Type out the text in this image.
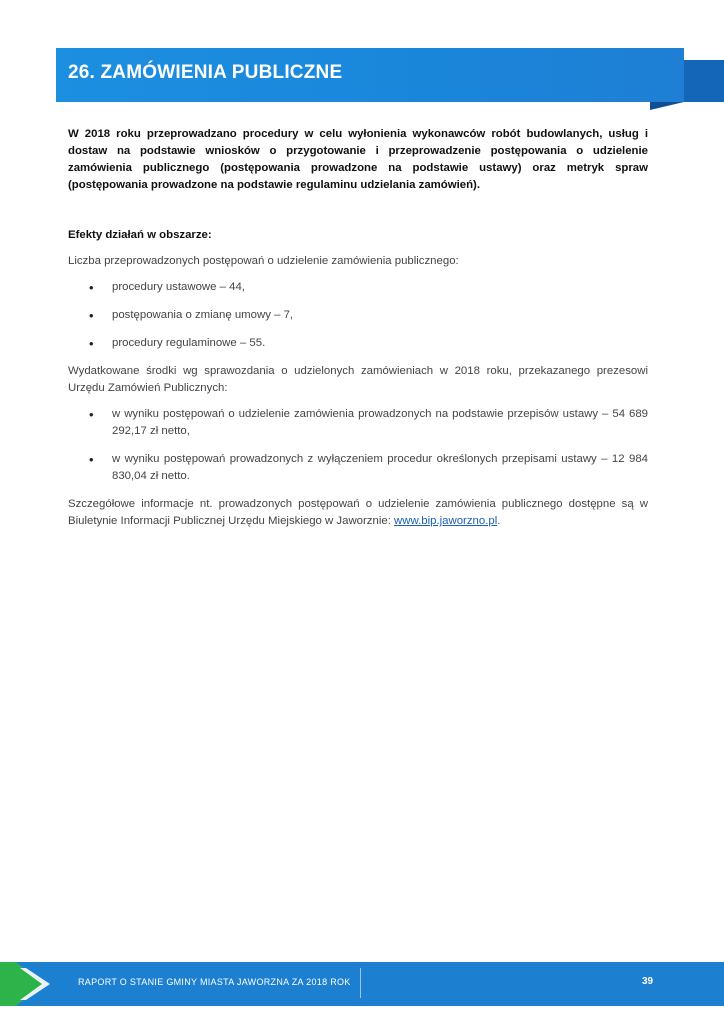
26. ZAMÓWIENIA PUBLICZNE

W 2018 roku przeprowadzano procedury w celu wyłonienia wykonawców robót budowlanych, usług i dostaw na podstawie wniosków o przygotowanie i przeprowadzenie postępowania o udzielenie zamówienia publicznego (postępowania prowadzone na podstawie ustawy) oraz metryk spraw (postępowania prowadzone na podstawie regulaminu udzielania zamówień).

Efekty działań w obszarze:

Liczba przeprowadzonych postępowań o udzielenie zamówienia publicznego:

• procedury ustawowe – 44,
• postępowania o zmianę umowy – 7,
• procedury regulaminowe – 55.

Wydatkowane środki wg sprawozdania o udzielonych zamówieniach w 2018 roku, przekazanego prezesowi Urzędu Zamówień Publicznych:

• w wyniku postępowań o udzielenie zamówienia prowadzonych na podstawie przepisów ustawy – 54 689 292,17 zł netto,
• w wyniku postępowań prowadzonych z wyłączeniem procedur określonych przepisami ustawy – 12 984 830,04 zł netto.

Szczegółowe informacje nt. prowadzonych postępowań o udzielenie zamówienia publicznego dostępne są w Biuletynie Informacji Publicznej Urzędu Miejskiego w Jaworznie: www.bip.jaworzno.pl.

RAPORT O STANIE GMINY MIASTA JAWORZNA ZA 2018 ROK	39
